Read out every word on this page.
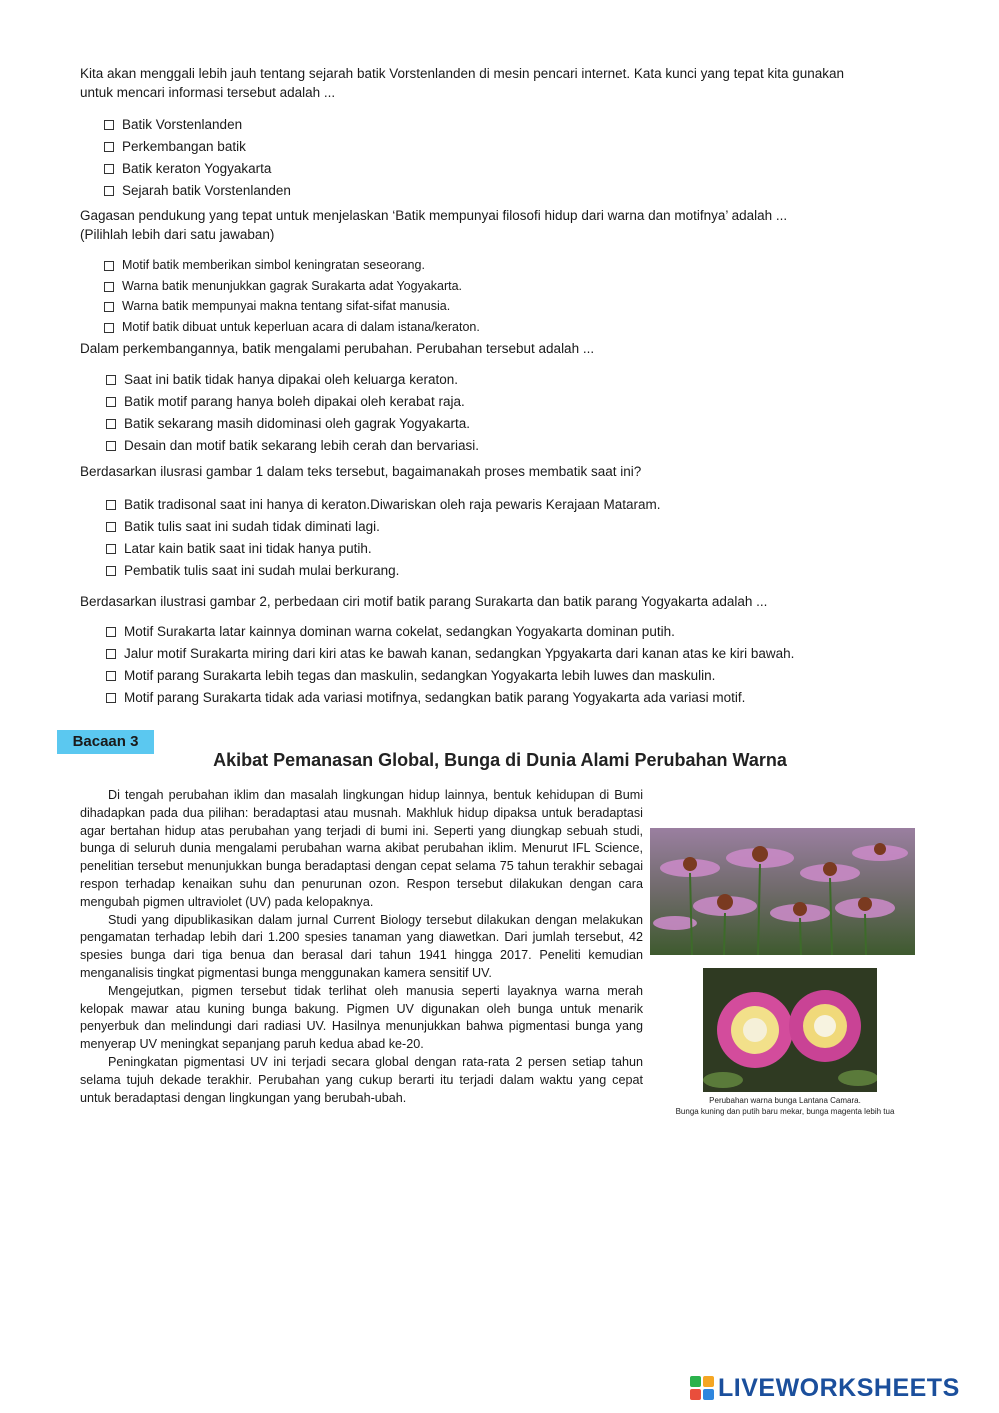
Kita akan menggali lebih jauh tentang sejarah batik Vorstenlanden di mesin pencari internet. Kata kunci yang tepat kita gunakan untuk mencari informasi tersebut adalah ...
Batik Vorstenlanden
Perkembangan batik
Batik keraton Yogyakarta
Sejarah batik Vorstenlanden
Gagasan pendukung yang tepat untuk menjelaskan ‘Batik mempunyai filosofi hidup dari warna dan motifnya’ adalah ...
(Pilihlah lebih dari satu jawaban)
Motif batik memberikan simbol keningratan seseorang.
Warna batik menunjukkan gagrak Surakarta adat Yogyakarta.
Warna batik mempunyai makna tentang sifat-sifat manusia.
Motif batik dibuat untuk keperluan acara di dalam istana/keraton.
Dalam perkembangannya, batik mengalami perubahan. Perubahan tersebut adalah ...
Saat ini batik tidak hanya dipakai oleh keluarga keraton.
Batik motif parang hanya boleh dipakai oleh kerabat raja.
Batik sekarang masih didominasi oleh gagrak Yogyakarta.
Desain dan motif batik sekarang lebih cerah dan bervariasi.
Berdasarkan ilusrasi gambar 1 dalam teks tersebut, bagaimanakah proses membatik saat ini?
Batik tradisonal saat ini hanya di keraton.Diwariskan oleh raja pewaris Kerajaan Mataram.
Batik tulis saat ini sudah tidak diminati lagi.
Latar kain batik saat ini tidak hanya putih.
Pembatik tulis saat ini sudah mulai berkurang.
Berdasarkan ilustrasi gambar 2, perbedaan ciri motif batik parang Surakarta dan batik parang Yogyakarta adalah ...
Motif Surakarta latar kainnya dominan warna cokelat, sedangkan Yogyakarta dominan putih.
Jalur motif Surakarta miring dari kiri atas ke bawah kanan, sedangkan Ypgyakarta dari kanan atas ke kiri bawah.
Motif parang Surakarta lebih tegas dan maskulin, sedangkan Yogyakarta lebih luwes dan maskulin.
Motif parang Surakarta tidak ada variasi motifnya, sedangkan batik parang Yogyakarta ada variasi motif.
Bacaan 3
Akibat Pemanasan Global, Bunga di Dunia Alami Perubahan Warna

Di tengah perubahan iklim dan masalah lingkungan hidup lainnya, bentuk kehidupan di Bumi dihadapkan pada dua pilihan: beradaptasi atau musnah. Makhluk hidup dipaksa untuk beradaptasi agar bertahan hidup atas perubahan yang terjadi di bumi ini. Seperti yang diungkap sebuah studi, bunga di seluruh dunia mengalami perubahan warna akibat perubahan iklim. Menurut IFL Science, penelitian tersebut menunjukkan bunga beradaptasi dengan cepat selama 75 tahun terakhir sebagai respon terhadap kenaikan suhu dan penurunan ozon. Respon tersebut dilakukan dengan cara mengubah pigmen ultraviolet (UV) pada kelopaknya.

Studi yang dipublikasikan dalam jurnal Current Biology tersebut dilakukan dengan melakukan pengamatan terhadap lebih dari 1.200 spesies tanaman yang diawetkan. Dari jumlah tersebut, 42 spesies bunga dari tiga benua dan berasal dari tahun 1941 hingga 2017. Peneliti kemudian menganalisis tingkat pigmentasi bunga menggunakan kamera sensitif UV.

Mengejutkan, pigmen tersebut tidak terlihat oleh manusia seperti layaknya warna merah kelopak mawar atau kuning bunga bakung. Pigmen UV digunakan oleh bunga untuk menarik penyerbuk dan melindungi dari radiasi UV. Hasilnya menunjukkan bahwa pigmentasi bunga yang menyerap UV meningkat sepanjang paruh kedua abad ke-20.

Peningkatan pigmentasi UV ini terjadi secara global dengan rata-rata 2 persen setiap tahun selama tujuh dekade terakhir. Perubahan yang cukup berarti itu terjadi dalam waktu yang cepat untuk beradaptasi dengan lingkungan yang berubah-ubah.	Perubahan warna bunga Lantana Camara.
Bunga kuning dan putih baru mekar, bunga magenta lebih tua
LIVEWORKSHEETS
